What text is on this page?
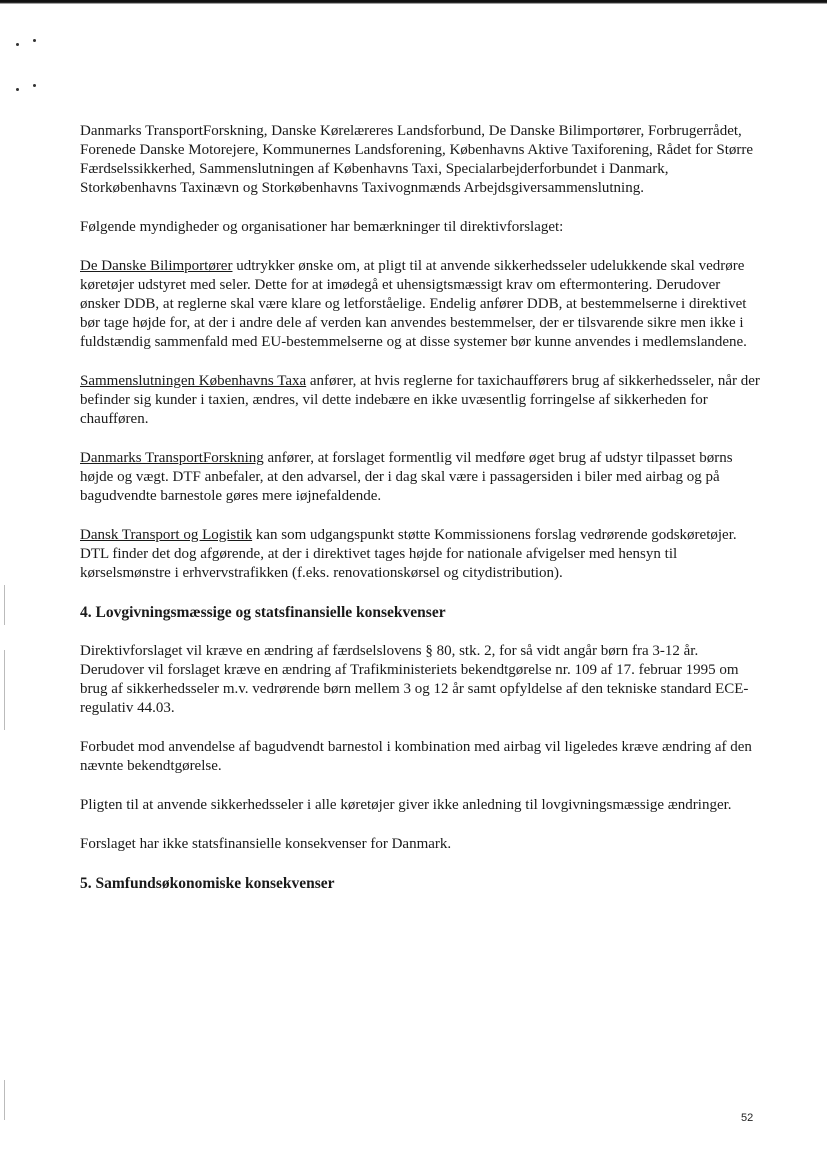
Danmarks TransportForskning, Danske Kørelæreres Landsforbund, De Danske Bilimportører, Forbrugerrådet, Forenede Danske Motorejere, Kommunernes Landsforening, Københavns Aktive Taxiforening, Rådet for Større Færdselssikkerhed, Sammenslutningen af Københavns Taxi, Specialarbejderforbundet i Danmark, Storkøbenhavns Taxinævn og Storkøbenhavns Taxivognmænds Arbejdsgiversammenslutning.

Følgende myndigheder og organisationer har bemærkninger til direktivforslaget:

De Danske Bilimportører udtrykker ønske om, at pligt til at anvende sikkerhedsseler udelukkende skal vedrøre køretøjer udstyret med seler. Dette for at imødegå et uhensigtsmæssigt krav om eftermontering. Derudover ønsker DDB, at reglerne skal være klare og letforståelige. Endelig anfører DDB, at bestemmelserne i direktivet bør tage højde for, at der i andre dele af verden kan anvendes bestemmelser, der er tilsvarende sikre men ikke i fuldstændig sammenfald med EU-bestemmelserne og at disse systemer bør kunne anvendes i medlemslandene.

Sammenslutningen Københavns Taxa anfører, at hvis reglerne for taxichaufførers brug af sikkerhedsseler, når der befinder sig kunder i taxien, ændres, vil dette indebære en ikke uvæsentlig forringelse af sikkerheden for chaufføren.

Danmarks TransportForskning anfører, at forslaget formentlig vil medføre øget brug af udstyr tilpasset børns højde og vægt. DTF anbefaler, at den advarsel, der i dag skal være i passagersiden i biler med airbag og på bagudvendte barnestole gøres mere iøjnefaldende.

Dansk Transport og Logistik kan som udgangspunkt støtte Kommissionens forslag vedrørende godskøretøjer. DTL finder det dog afgørende, at der i direktivet tages højde for nationale afvigelser med hensyn til kørselsmønstre i erhvervstrafikken (f.eks. renovationskørsel og citydistribution).

4. Lovgivningsmæssige og statsfinansielle konsekvenser

Direktivforslaget vil kræve en ændring af færdselslovens § 80, stk. 2, for så vidt angår børn fra 3-12 år. Derudover vil forslaget kræve en ændring af Trafikministeriets bekendtgørelse nr. 109 af 17. februar 1995 om brug af sikkerhedsseler m.v. vedrørende børn mellem 3 og 12 år samt opfyldelse af den tekniske standard ECE-regulativ 44.03.

Forbudet mod anvendelse af bagudvendt barnestol i kombination med airbag vil ligeledes kræve ændring af den nævnte bekendtgørelse.

Pligten til at anvende sikkerhedsseler i alle køretøjer giver ikke anledning til lovgivningsmæssige ændringer.

Forslaget har ikke statsfinansielle konsekvenser for Danmark.

5. Samfundsøkonomiske konsekvenser
52
